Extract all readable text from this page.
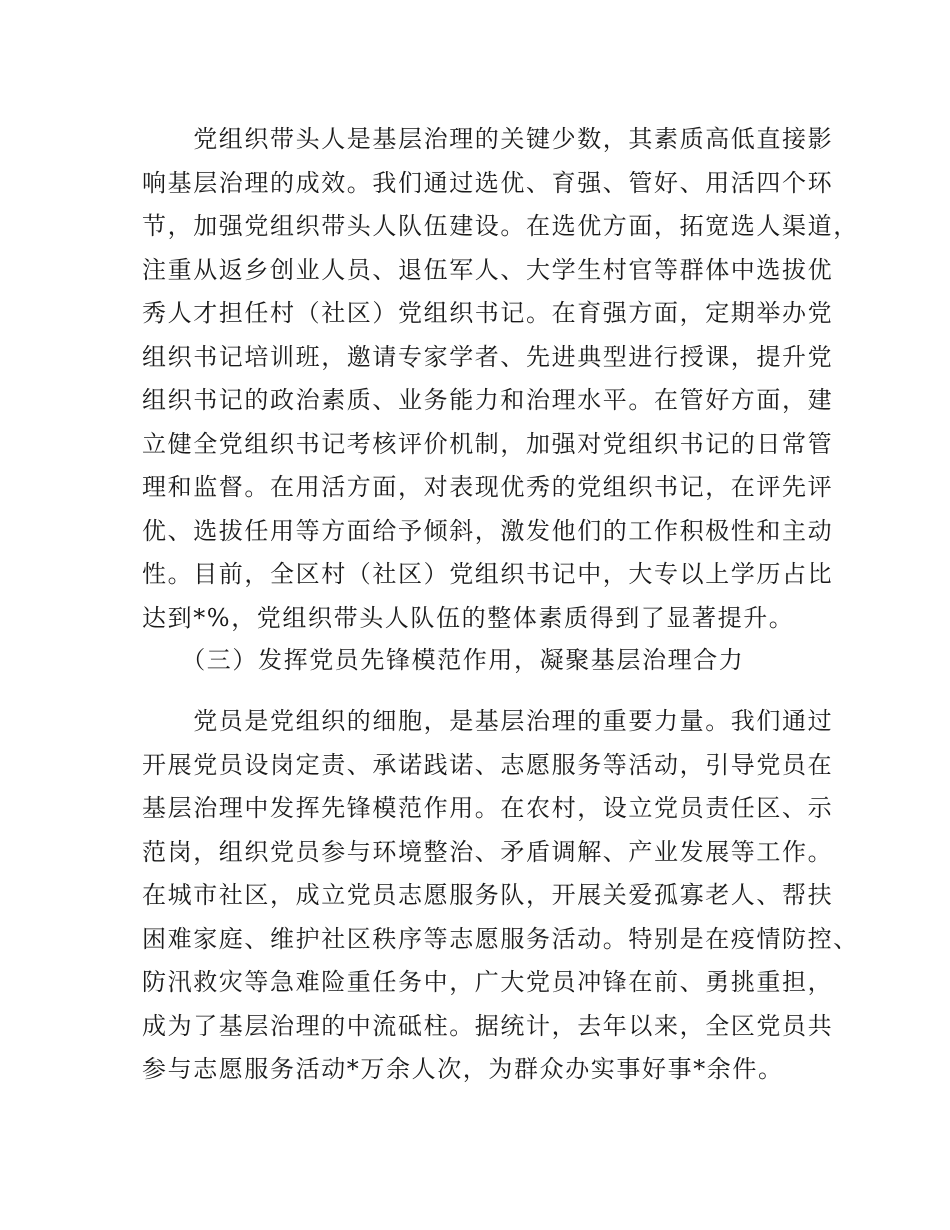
　　党组织带头人是基层治理的关键少数，其素质高低直接影
响基层治理的成效。我们通过选优、育强、管好、用活四个环
节，加强党组织带头人队伍建设。在选优方面，拓宽选人渠道，
注重从返乡创业人员、退伍军人、大学生村官等群体中选拔优
秀人才担任村（社区）党组织书记。在育强方面，定期举办党
组织书记培训班，邀请专家学者、先进典型进行授课，提升党
组织书记的政治素质、业务能力和治理水平。在管好方面，建
立健全党组织书记考核评价机制，加强对党组织书记的日常管
理和监督。在用活方面，对表现优秀的党组织书记，在评先评
优、选拔任用等方面给予倾斜，激发他们的工作积极性和主动
性。目前，全区村（社区）党组织书记中，大专以上学历占比
达到*%，党组织带头人队伍的整体素质得到了显著提升。
　　（三）发挥党员先锋模范作用，凝聚基层治理合力
　　党员是党组织的细胞，是基层治理的重要力量。我们通过
开展党员设岗定责、承诺践诺、志愿服务等活动，引导党员在
基层治理中发挥先锋模范作用。在农村，设立党员责任区、示
范岗，组织党员参与环境整治、矛盾调解、产业发展等工作。
在城市社区，成立党员志愿服务队，开展关爱孤寡老人、帮扶
困难家庭、维护社区秩序等志愿服务活动。特别是在疫情防控、
防汛救灾等急难险重任务中，广大党员冲锋在前、勇挑重担，
成为了基层治理的中流砥柱。据统计，去年以来，全区党员共
参与志愿服务活动*万余人次，为群众办实事好事*余件。
